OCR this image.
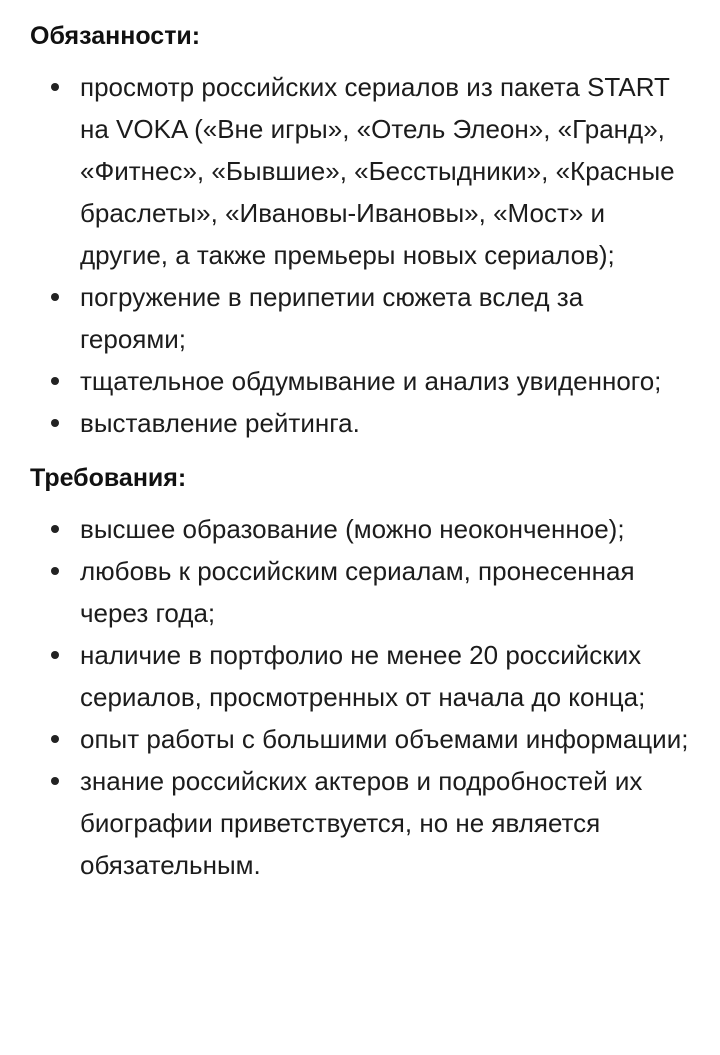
Обязанности:
просмотр российских сериалов из пакета START на VOKA («Вне игры», «Отель Элеон», «Гранд», «Фитнес», «Бывшие», «Бесстыдники», «Красные браслеты», «Ивановы-Ивановы», «Мост» и другие, а также премьеры новых сериалов);
погружение в перипетии сюжета вслед за героями;
тщательное обдумывание и анализ увиденного;
выставление рейтинга.
Требования:
высшее образование (можно неоконченное);
любовь к российским сериалам, пронесенная через года;
наличие в портфолио не менее 20 российских сериалов, просмотренных от начала до конца;
опыт работы с большими объемами информации;
знание российских актеров и подробностей их биографии приветствуется, но не является обязательным.
